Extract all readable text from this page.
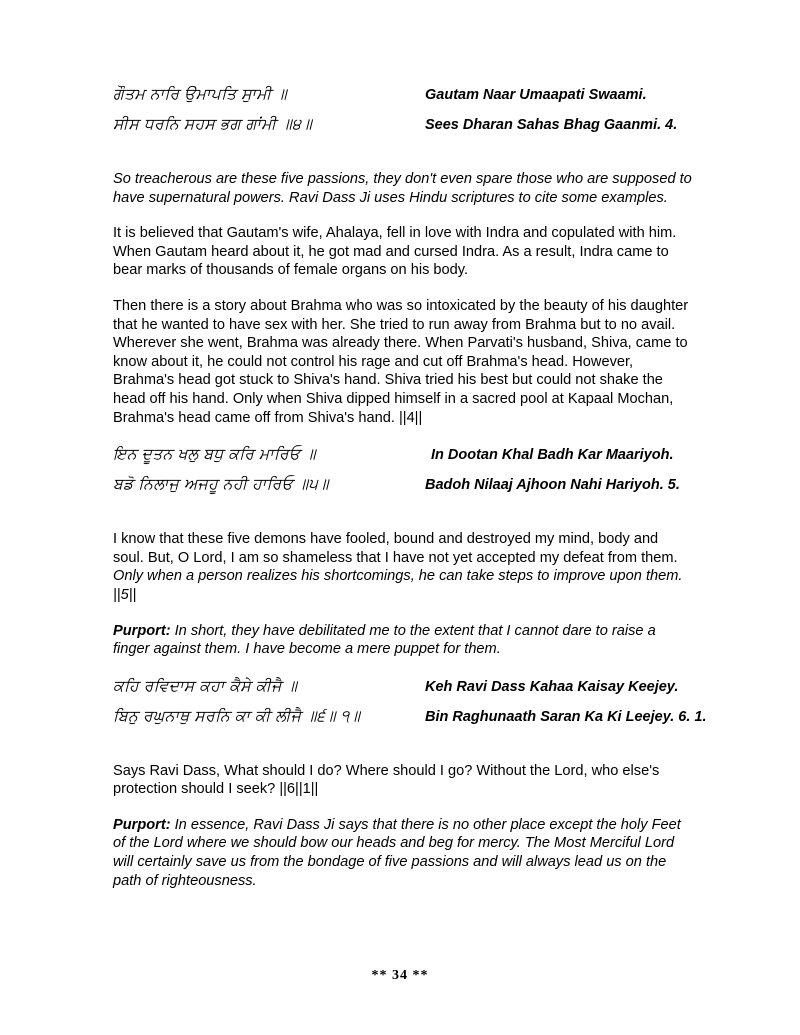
ਗੌਤਮ ਨਾਰਿ ਉਮਾਪਤਿ ਸੁਾਮੀ ॥	Gautam Naar Umaapati Swaami.
ਸੀਸ ਧਰਨਿ ਸਹਸ ਭਗ ਗਾਂਮੀ ॥੪॥	Sees Dharan Sahas Bhag Gaanmi. 4.

So treacherous are these five passions, they don't even spare those who are supposed to have supernatural powers. Ravi Dass Ji uses Hindu scriptures to cite some examples.

It is believed that Gautam's wife, Ahalaya, fell in love with Indra and copulated with him. When Gautam heard about it, he got mad and cursed Indra. As a result, Indra came to bear marks of thousands of female organs on his body.

Then there is a story about Brahma who was so intoxicated by the beauty of his daughter that he wanted to have sex with her. She tried to run away from Brahma but to no avail. Wherever she went, Brahma was already there. When Parvati's husband, Shiva, came to know about it, he could not control his rage and cut off Brahma's head. However, Brahma's head got stuck to Shiva's hand. Shiva tried his best but could not shake the head off his hand. Only when Shiva dipped himself in a sacred pool at Kapaal Mochan, Brahma's head came off from Shiva's hand. ||4||

ਇਨ ਦੂਤਨ ਖਲੁ ਬਧੁ ਕਰਿ ਮਾਰਿਓ ॥	In Dootan Khal Badh Kar Maariyoh.
ਬਡੋ ਨਿਲਾਜੁ ਅਜਹੂ ਨਹੀ ਹਾਰਿਓ ॥੫॥	Badoh Nilaaj Ajhoon Nahi Hariyoh. 5.

I know that these five demons have fooled, bound and destroyed my mind, body and soul. But, O Lord, I am so shameless that I have not yet accepted my defeat from them. Only when a person realizes his shortcomings, he can take steps to improve upon them. ||5||

Purport: In short, they have debilitated me to the extent that I cannot dare to raise a finger against them. I have become a mere puppet for them.

ਕਹਿ ਰਵਿਦਾਸ ਕਹਾ ਕੈਸੇ ਕੀਜੈ ॥	Keh Ravi Dass Kahaa Kaisay Keejey.
ਬਿਨੁ ਰਘੁਨਾਥੁ ਸਰਨਿ ਕਾ ਕੀ ਲੀਜੈ ॥੬॥ ੧॥	Bin Raghunaath Saran Ka Ki Leejey. 6. 1.

Says Ravi Dass, What should I do? Where should I go? Without the Lord, who else's protection should I seek? ||6||1||

Purport: In essence, Ravi Dass Ji says that there is no other place except the holy Feet of the Lord where we should bow our heads and beg for mercy. The Most Merciful Lord will certainly save us from the bondage of five passions and will always lead us on the path of righteousness.

** 34 **
